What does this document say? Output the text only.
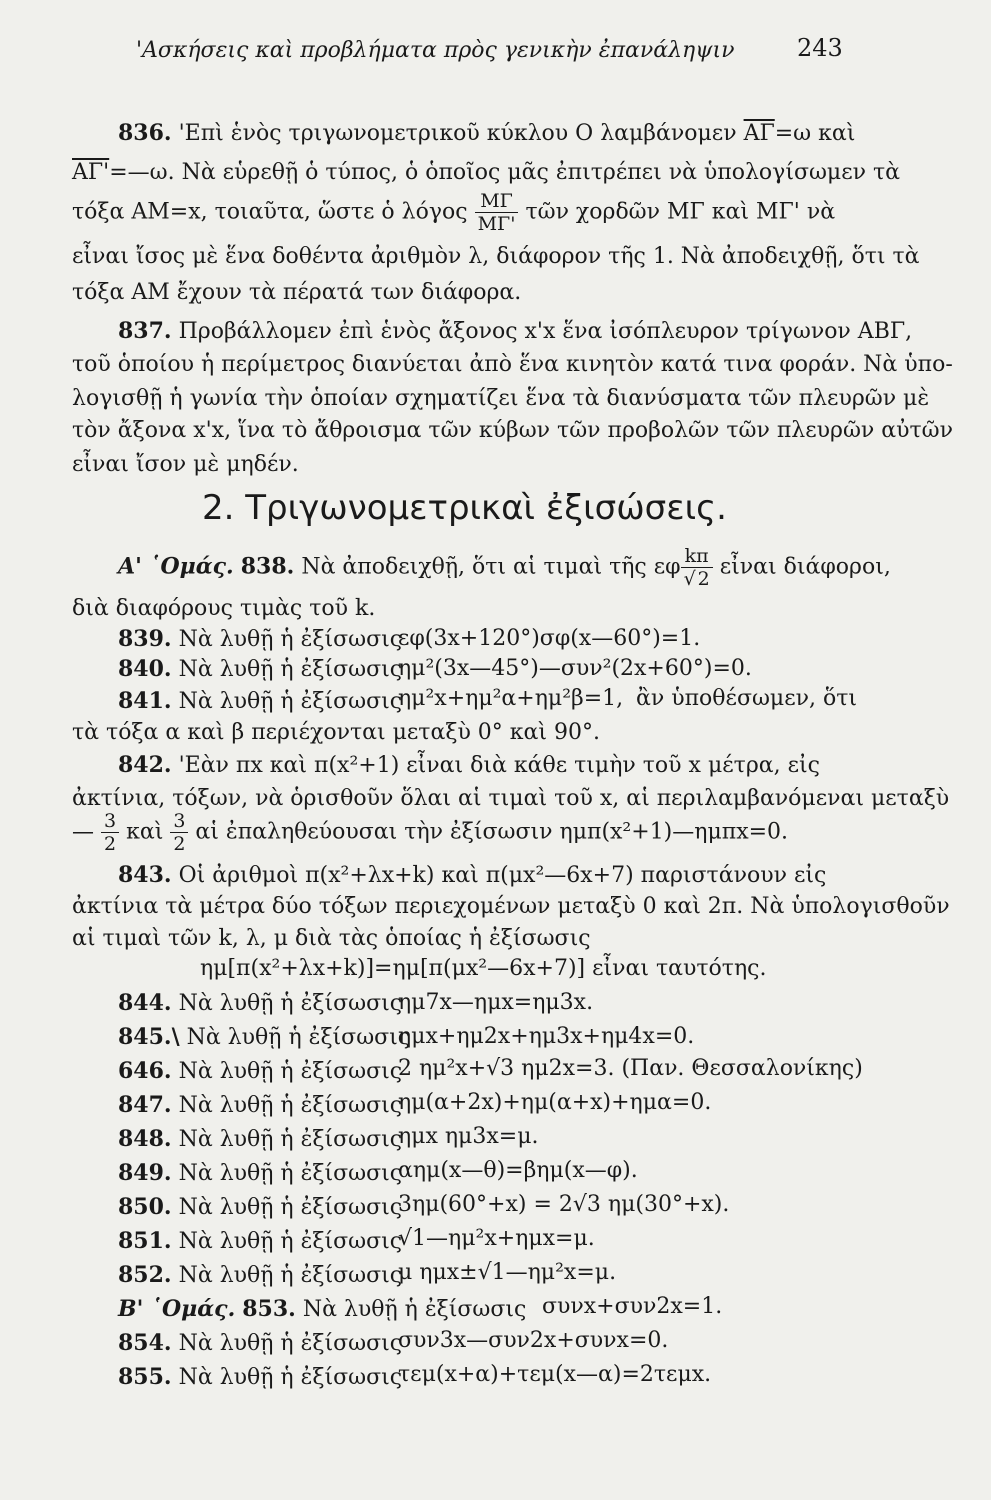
'Ασκήσεις καὶ προβλήματα πρὸς γενικὴν ἐπανάληψιν	243
836. 'Επὶ ἑνὸς τριγωνομετρικοῦ κύκλου Ο λαμβάνομεν $\overline{A\Gamma}=\omega$ καὶ
ΑΓ'=—ω. Νὰ εὑρεθῇ ὁ τύπος, ὁ ὁποῖος μᾶς ἐπιτρέπει νὰ ὑπολογίσωμεν τὰ
τόξα ΑΜ=x, τοιαῦτα, ὥστε ὁ λόγος $\frac{M\Gamma}{M\Gamma'}$ τῶν χορδῶν ΜΓ καὶ ΜΓ' νὰ
εἶναι ἴσος μὲ ἕνα δοθέντα ἀριθμὸν λ, διάφορον τῆς 1. Νὰ ἀποδειχθῇ, ὅτι τὰ
τόξα ΑΜ ἔχουν τὰ πέρατά των διάφορα.
837. Προβάλλομεν ἐπὶ ἑνὸς ἄξονος x'x ἕνα ἰσόπλευρον τρίγωνον ΑΒΓ,
τοῦ ὁποίου ἡ περίμετρος διανύεται ἀπὸ ἕνα κινητὸν κατά τινα φοράν. Νὰ ὑπο-
λογισθῇ ἡ γωνία τὴν ὁποίαν σχηματίζει ἕνα τὰ διανύσματα τῶν πλευρῶν μὲ
τὸν ἄξονα x'x, ἵνα τὸ ἄθροισμα τῶν κύβων τῶν προβολῶν τῶν πλευρῶν αὐτῶν
εἶναι ἴσον μὲ μηδέν.
2. Τριγωνομετρικαὶ ἐξισώσεις.
Α' ῾Ομάς. 838. Νὰ ἀποδειχθῇ, ὅτι αἱ τιμαὶ τῆς εφ $\frac{k\pi}{√ 2}$ εἶναι διάφοροι,
διὰ διαφόρους τιμὰς τοῦ k.
839. Νὰ λυθῇ ἡ ἐξίσωσις
εφ(3x+120°)σφ(x—60°)=1.
840. Νὰ λυθῇ ἡ ἐξίσωσις
ημ²(3x—45°)—συν²(2x+60°)=0.
841. Νὰ λυθῇ ἡ ἐξίσωσις
ημ²x+ημ²α+ημ²β=1, ἂν ὑποθέσωμεν, ὅτι
τὰ τόξα α καὶ β περιέχονται μεταξὺ 0° καὶ 90°.
842. 'Εὰν πx καὶ π(x²+1) εἶναι διὰ κάθε τιμὴν τοῦ x μέτρα, εἰς
ἀκτίνια, τόξων, νὰ ὁρισθοῦν ὅλαι αἱ τιμαὶ τοῦ x, αἱ περιλαμβανόμεναι μεταξὺ
— $\frac{3}{2}$ καὶ $\frac{3}{2}$ αἱ ἐπαληθεύουσαι τὴν ἐξίσωσιν ημπ(x²+1)—ημπx=0.
843. Οἱ ἀριθμοὶ π(x²+λx+k) καὶ π(μx²—6x+7) παριστάνουν εἰς
ἀκτίνια τὰ μέτρα δύο τόξων περιεχομένων μεταξὺ 0 καὶ 2π. Νὰ ὑπολογισθοῦν
αἱ τιμαὶ τῶν k, λ, μ διὰ τὰς ὁποίας ἡ ἐξίσωσις
ημ[π(x²+λx+k)]=ημ[π(μx²—6x+7)] εἶναι ταυτότης.
844. Νὰ λυθῇ ἡ ἐξίσωσις
ημ7x—ημx=ημ3x.
845.\ Νὰ λυθῇ ἡ ἐξίσωσις
ημx+ημ2x+ημ3x+ημ4x=0.
646. Νὰ λυθῇ ἡ ἐξίσωσις
2 ημ²x+√3 ημ2x=3. (Παν. Θεσσαλονίκης)
847. Νὰ λυθῇ ἡ ἐξίσωσις
ημ(α+2x)+ημ(α+x)+ημα=0.
848. Νὰ λυθῇ ἡ ἐξίσωσις
ημx ημ3x=μ.
849. Νὰ λυθῇ ἡ ἐξίσωσις
αημ(x—θ)=βημ(x—φ).
850. Νὰ λυθῇ ἡ ἐξίσωσις
3ημ(60°+x) = 2√3 ημ(30°+x).
851. Νὰ λυθῇ ἡ ἐξίσωσις
√1—ημ²x+ημx=μ.
852. Νὰ λυθῇ ἡ ἐξίσωσις
μ ημx±√1—ημ²x=μ.
Β' ῾Ομάς. 853. Νὰ λυθῇ ἡ ἐξίσωσις συνx+συν2x=1.
854. Νὰ λυθῇ ἡ ἐξίσωσις
συν3x—συν2x+συνx=0.
855. Νὰ λυθῇ ἡ ἐξίσωσις
τεμ(x+α)+τεμ(x—α)=2τεμx.
